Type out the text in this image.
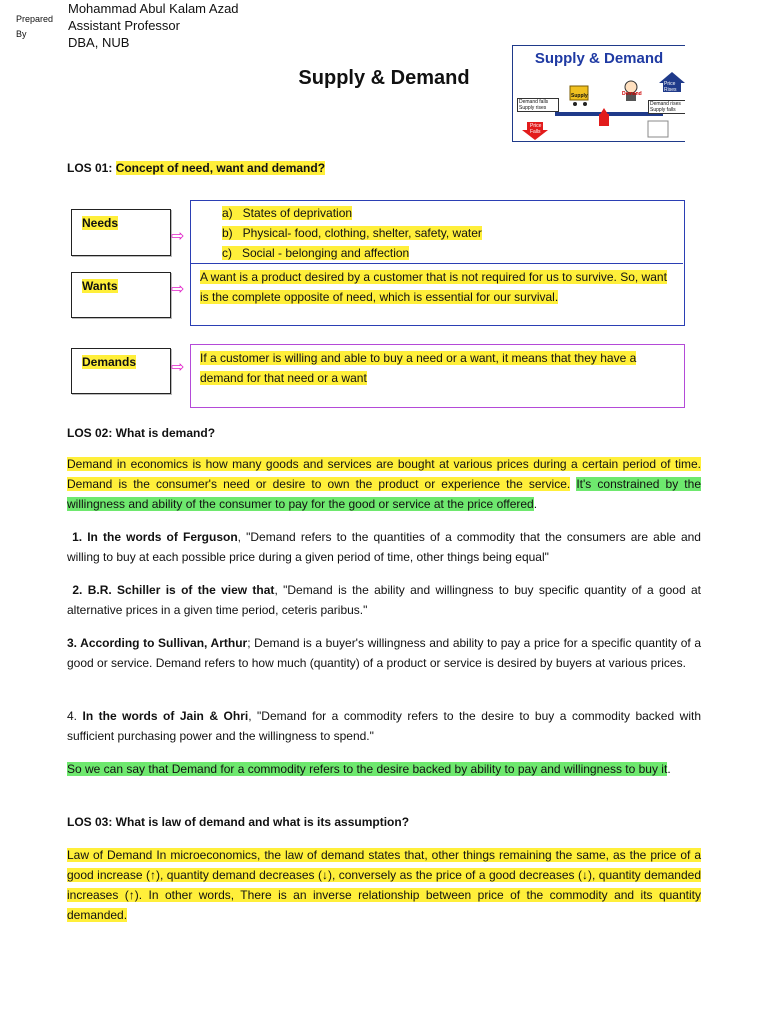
Prepared By
Mohammad Abul Kalam Azad
Assistant Professor
DBA, NUB
Supply & Demand
Supply & Demand
Supply	Demand
Price Rises
Demand falls Supply rises
Demand rises Supply falls
Price Falls
LOS 01: Concept of need, want and demand?
Needs
⇨
Wants	⇨
a)   States of deprivation
b)   Physical- food, clothing, shelter, safety, water
c)   Social - belonging and affection
A want is a product desired by a customer that is not required for us to survive. So, want is the complete opposite of need, which is essential for our survival.
Demands ⇨
If a customer is willing and able to buy a need or a want, it means that they have a demand for that need or a want
LOS 02: What is demand?
Demand in economics is how many goods and services are bought at various prices during a certain period of time. Demand is the consumer's need or desire to own the product or experience the service. It's constrained by the willingness and ability of the consumer to pay for the good or service at the price offered.
1. In the words of Ferguson, "Demand refers to the quantities of a commodity that the consumers are able and willing to buy at each possible price during a given period of time, other things being equal"
2. B.R. Schiller is of the view that, "Demand is the ability and willingness to buy specific quantity of a good at alternative prices in a given time period, ceteris paribus."
3. According to Sullivan, Arthur; Demand is a buyer's willingness and ability to pay a price for a specific quantity of a good or service. Demand refers to how much (quantity) of a product or service is desired by buyers at various prices.
4. In the words of Jain & Ohri, "Demand for a commodity refers to the desire to buy a commodity backed with sufficient purchasing power and the willingness to spend."
So we can say that Demand for a commodity refers to the desire backed by ability to pay and willingness to buy it.
LOS 03: What is law of demand and what is its assumption?
Law of Demand In microeconomics, the law of demand states that, other things remaining the same, as the price of a good increase (↑), quantity demand decreases (↓), conversely as the price of a good decreases (↓), quantity demanded increases (↑). In other words, There is an inverse relationship between price of the commodity and its quantity demanded.
